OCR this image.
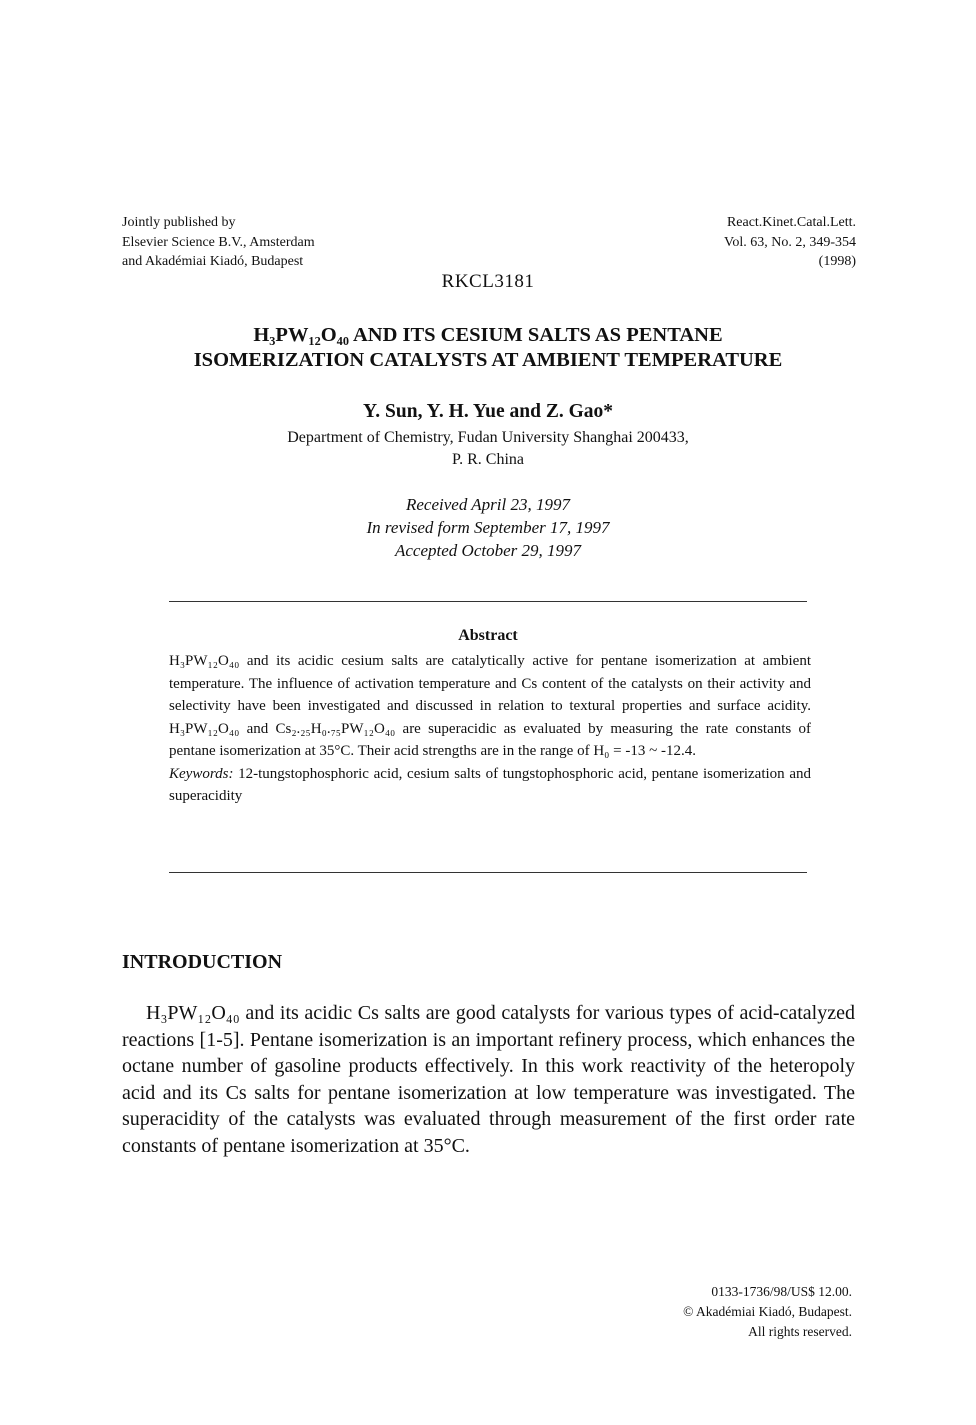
Jointly published by
Elsevier Science B.V., Amsterdam
and Akadémiai Kiadó, Budapest
React.Kinet.Catal.Lett.
Vol. 63, No. 2, 349-354
(1998)
RKCL3181
H₃PW₁₂O₄₀ AND ITS CESIUM SALTS AS PENTANE
ISOMERIZATION CATALYSTS AT AMBIENT TEMPERATURE
Y. Sun, Y. H. Yue and Z. Gao*
Department of Chemistry, Fudan University Shanghai 200433,
P. R. China
Received April 23, 1997
In revised form September 17, 1997
Accepted October 29, 1997
Abstract

H₃PW₁₂O₄₀ and its acidic cesium salts are catalytically active for pentane isomerization at ambient temperature. The influence of activation temperature and Cs content of the catalysts on their activity and selectivity have been investigated and discussed in relation to textural properties and surface acidity. H₃PW₁₂O₄₀ and Cs₂.₂₅H₀.₇₅PW₁₂O₄₀ are superacidic as evaluated by measuring the rate constants of pentane isomerization at 35°C. Their acid strengths are in the range of H₀ = -13 ~ -12.4.

Keywords: 12-tungstophosphoric acid, cesium salts of tungstophosphoric acid, pentane isomerization and superacidity

INTRODUCTION

H₃PW₁₂O₄₀ and its acidic Cs salts are good catalysts for various types of acid-catalyzed reactions [1-5]. Pentane isomerization is an important refinery process, which enhances the octane number of gasoline products effectively. In this work reactivity of the heteropoly acid and its Cs salts for pentane isomerization at low temperature was investigated. The superacidity of the catalysts was evaluated through measurement of the first order rate constants of pentane isomerization at 35°C.

0133-1736/98/US$ 12.00.
© Akadémiai Kiadó, Budapest.
All rights reserved.
